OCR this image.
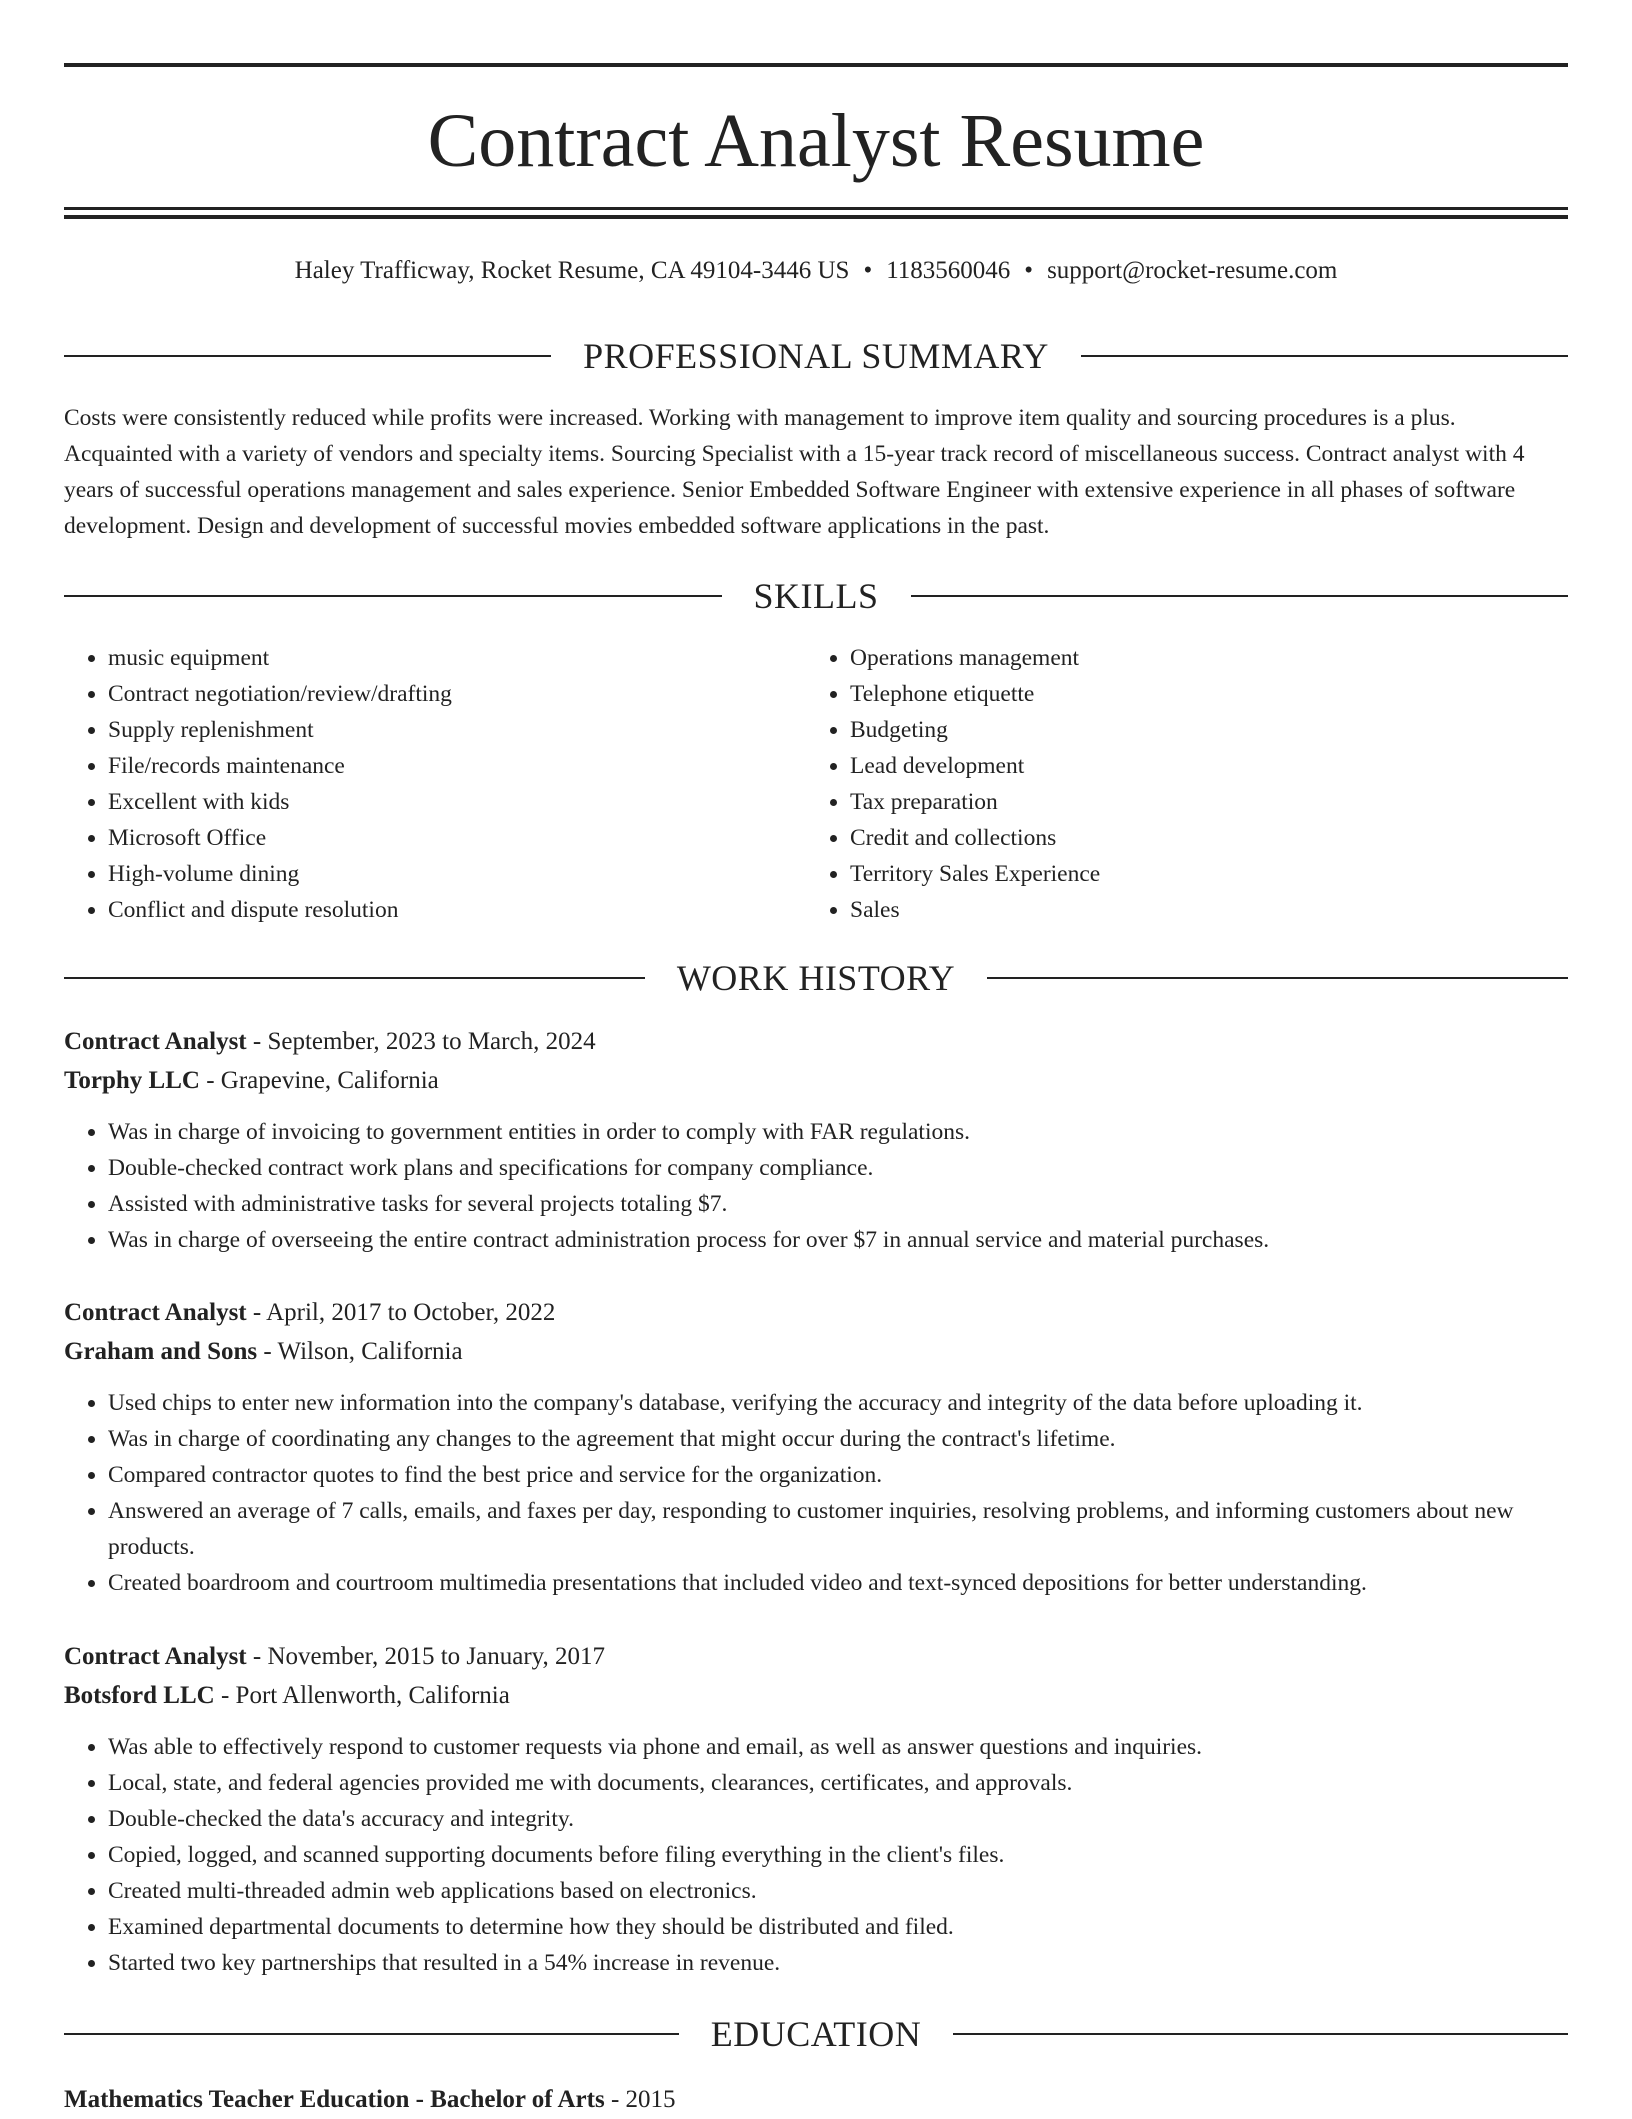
Contract Analyst Resume
Haley Trafficway, Rocket Resume, CA 49104-3446 US • 1183560046 • support@rocket-resume.com
PROFESSIONAL SUMMARY
Costs were consistently reduced while profits were increased. Working with management to improve item quality and sourcing procedures is a plus. Acquainted with a variety of vendors and specialty items. Sourcing Specialist with a 15-year track record of miscellaneous success. Contract analyst with 4 years of successful operations management and sales experience. Senior Embedded Software Engineer with extensive experience in all phases of software development. Design and development of successful movies embedded software applications in the past.
SKILLS
• music equipment
• Contract negotiation/review/drafting
• Supply replenishment
• File/records maintenance
• Excellent with kids
• Microsoft Office
• High-volume dining
• Conflict and dispute resolution
• Operations management
• Telephone etiquette
• Budgeting
• Lead development
• Tax preparation
• Credit and collections
• Territory Sales Experience
• Sales
WORK HISTORY
Contract Analyst - September, 2023 to March, 2024
Torphy LLC - Grapevine, California
• Was in charge of invoicing to government entities in order to comply with FAR regulations.
• Double-checked contract work plans and specifications for company compliance.
• Assisted with administrative tasks for several projects totaling $7.
• Was in charge of overseeing the entire contract administration process for over $7 in annual service and material purchases.
Contract Analyst - April, 2017 to October, 2022
Graham and Sons - Wilson, California
• Used chips to enter new information into the company's database, verifying the accuracy and integrity of the data before uploading it.
• Was in charge of coordinating any changes to the agreement that might occur during the contract's lifetime.
• Compared contractor quotes to find the best price and service for the organization.
• Answered an average of 7 calls, emails, and faxes per day, responding to customer inquiries, resolving problems, and informing customers about new products.
• Created boardroom and courtroom multimedia presentations that included video and text-synced depositions for better understanding.
Contract Analyst - November, 2015 to January, 2017
Botsford LLC - Port Allenworth, California
• Was able to effectively respond to customer requests via phone and email, as well as answer questions and inquiries.
• Local, state, and federal agencies provided me with documents, clearances, certificates, and approvals.
• Double-checked the data's accuracy and integrity.
• Copied, logged, and scanned supporting documents before filing everything in the client's files.
• Created multi-threaded admin web applications based on electronics.
• Examined departmental documents to determine how they should be distributed and filed.
• Started two key partnerships that resulted in a 54% increase in revenue.
EDUCATION
Mathematics Teacher Education - Bachelor of Arts - 2015
